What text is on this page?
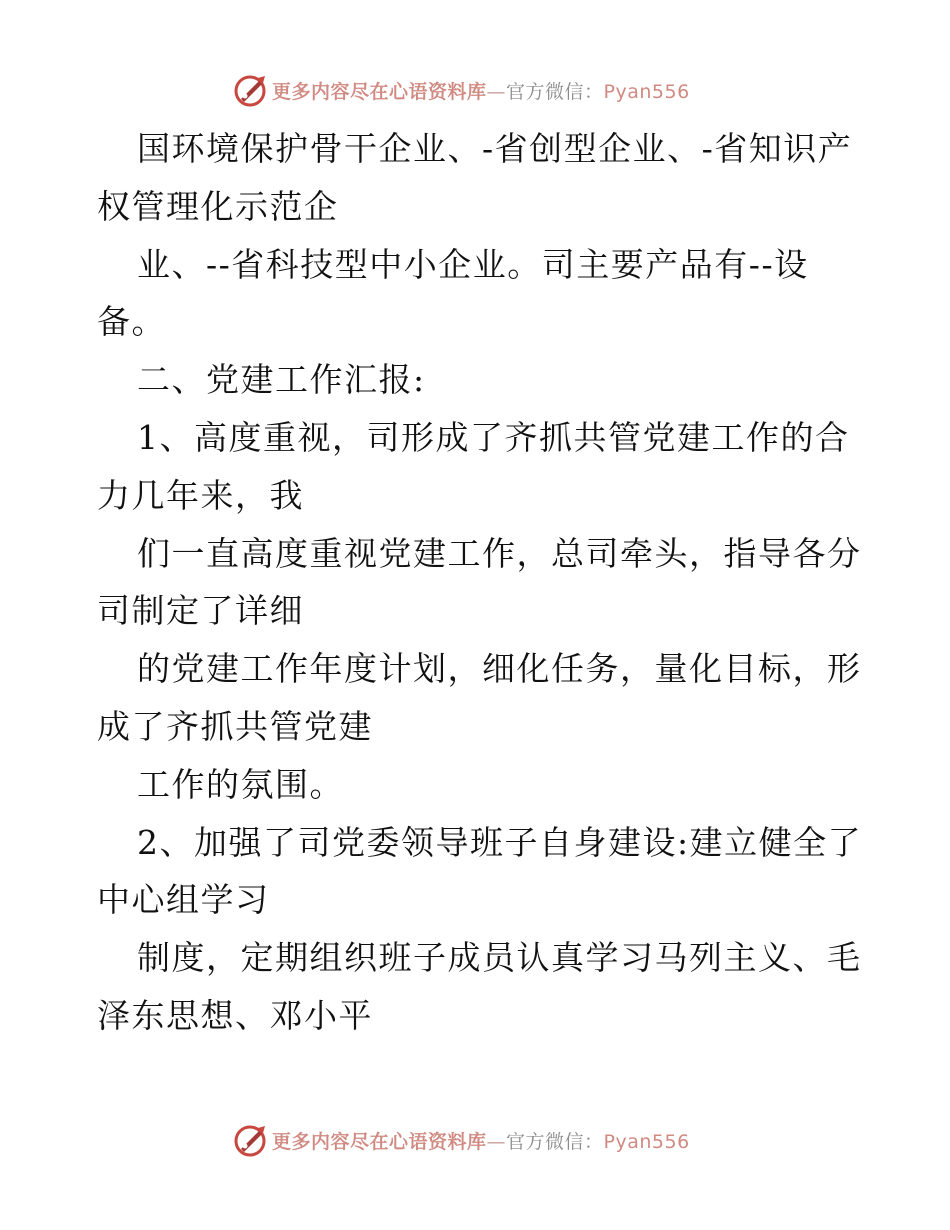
更多内容尽在心语资料库—官方微信：Pyan556
国环境保护骨干企业、-省创型企业、-省知识产
权管理化示范企
业、--省科技型中小企业。司主要产品有--设
备。
二、党建工作汇报:
1、高度重视，司形成了齐抓共管党建工作的合
力几年来，我
们一直高度重视党建工作，总司牵头，指导各分
司制定了详细
的党建工作年度计划，细化任务，量化目标，形
成了齐抓共管党建
工作的氛围。
2、加强了司党委领导班子自身建设:建立健全了
中心组学习
制度，定期组织班子成员认真学习马列主义、毛
泽东思想、邓小平
更多内容尽在心语资料库—官方微信：Pyan556
